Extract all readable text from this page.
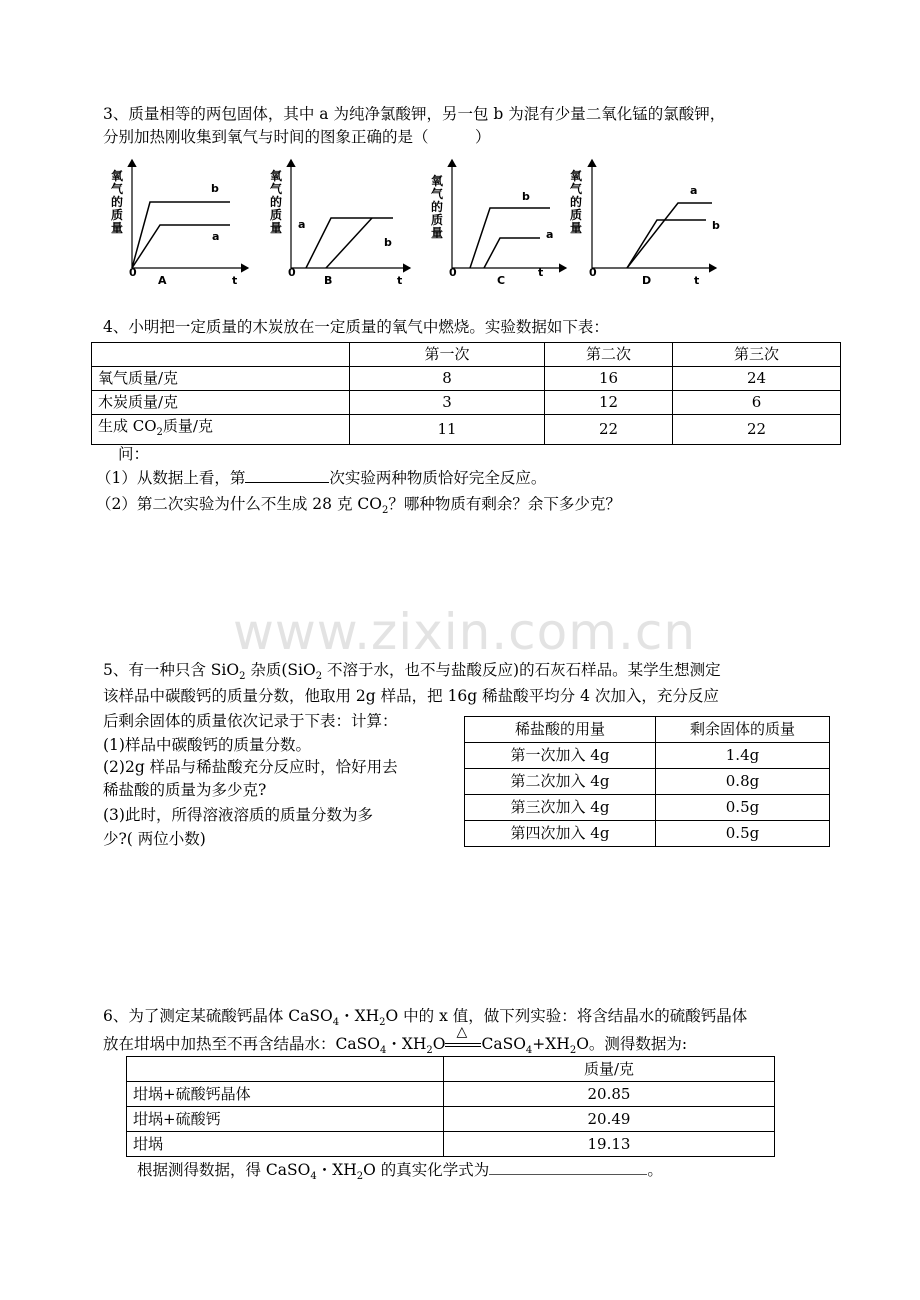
3、质量相等的两包固体，其中 a 为纯净氯酸钾，另一包 b 为混有少量二氧化锰的氯酸钾，
分别加热刚收集到氧气与时间的图象正确的是（　　　）
氧
气
的
质
量
0
b
a
A	t
氧
气
的
质
量
0
a
b
B	t
氧
气
的
质
量
0
b
a
C
t
氧
气
的
质
量
0
a
b
D	t
4、小明把一定质量的木炭放在一定质量的氧气中燃烧。实验数据如下表：
	第一次	第二次	第三次
氧气质量/克	8	16	24
木炭质量/克	3	12	6
生成 $CO_2$质量/克	11	22	22
问：
（1）从数据上看，第	次实验两种物质恰好完全反应。
（2）第二次实验为什么不生成 28 克 $CO_2$？哪种物质有剩余？余下多少克？
www.zixin.com.cn
5、有一种只含 SiO$_2$ 杂质(SiO$_2$ 不溶于水，也不与盐酸反应)的石灰石样品。某学生想测定
该样品中碳酸钙的质量分数，他取用 2g 样品，把 16g 稀盐酸平均分 4 次加入，充分反应
后剩余固体的质量依次记录于下表：计算：
(1)样品中碳酸钙的质量分数。
(2)2g 样品与稀盐酸充分反应时，恰好用去
稀盐酸的质量为多少克?
(3)此时，所得溶液溶质的质量分数为多
少?( 两位小数)
稀盐酸的用量	剩余固体的质量
第一次加入 4g	1.4g
第二次加入 4g	0.8g
第三次加入 4g	0.5g
第四次加入 4g	0.5g
6、为了测定某硫酸钙晶体 CaSO$_4$・$XH_2O$ 中的 x 值，做下列实验：将含结晶水的硫酸钙晶体
放在坩埚中加热至不再含结晶水：CaSO$_4$・$XH_2O$
△
$CaSO_4+XH_2O$。测得数据为:
	质量/克
坩埚+硫酸钙晶体	20.85
坩埚+硫酸钙	20.49
坩埚	19.13
根据测得数据，得 CaSO$_4$・$XH_2O$ 的真实化学式为	。
